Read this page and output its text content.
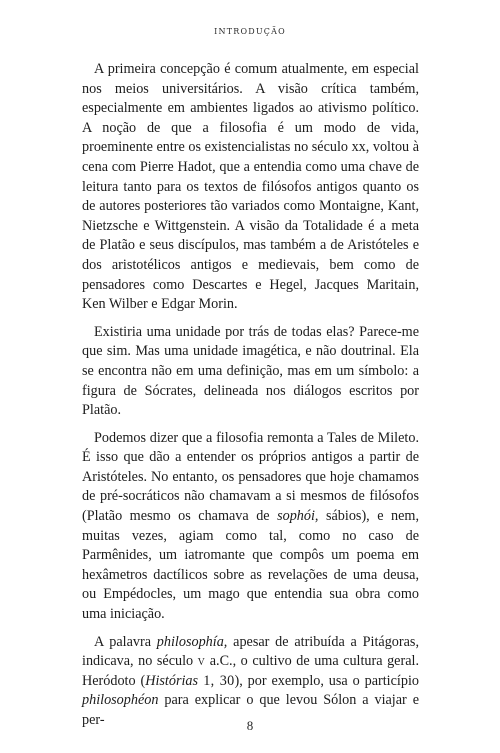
introdução

A primeira concepção é comum atualmente, em especial nos meios universitários. A visão crítica também, especialmente em ambientes ligados ao ativismo político. A noção de que a filosofia é um modo de vida, proeminente entre os existencialistas no século xx, voltou à cena com Pierre Hadot, que a entendia como uma chave de leitura tanto para os textos de filósofos antigos quanto os de autores posteriores tão variados como Montaigne, Kant, Nietzsche e Wittgenstein. A visão da Totalidade é a meta de Platão e seus discípulos, mas também a de Aristóteles e dos aristotélicos antigos e medievais, bem como de pensadores como Descartes e Hegel, Jacques Maritain, Ken Wilber e Edgar Morin.

Existiria uma unidade por trás de todas elas? Parece-me que sim. Mas uma unidade imagética, e não doutrinal. Ela se encontra não em uma definição, mas em um símbolo: a figura de Sócrates, delineada nos diálogos escritos por Platão.

Podemos dizer que a filosofia remonta a Tales de Mileto. É isso que dão a entender os próprios antigos a partir de Aristóteles. No entanto, os pensadores que hoje chamamos de pré-socráticos não chamavam a si mesmos de filósofos (Platão mesmo os chamava de sophói, sábios), e nem, muitas vezes, agiam como tal, como no caso de Parmênides, um iatromante que compôs um poema em hexâmetros dactílicos sobre as revelações de uma deusa, ou Empédocles, um mago que entendia sua obra como uma iniciação.

A palavra philosophía, apesar de atribuída a Pitágoras, indicava, no século v a.C., o cultivo de uma cultura geral. Heródoto (Histórias 1, 30), por exemplo, usa o particípio philosophéon para explicar o que levou Sólon a viajar e per-	8
